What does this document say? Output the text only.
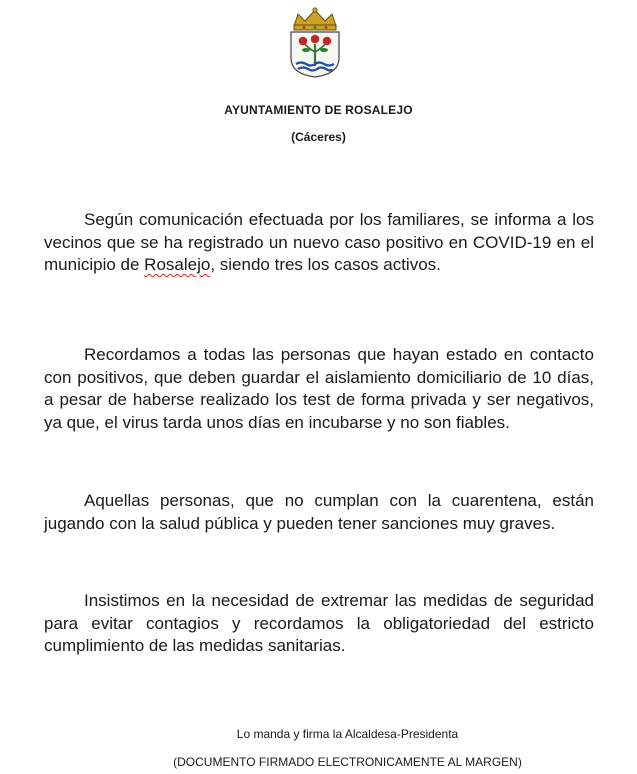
AYUNTAMIENTO DE ROSALEJO
(Cáceres)

Según comunicación efectuada por los familiares, se informa a los vecinos que se ha registrado un nuevo caso positivo en COVID-19 en el municipio de Rosalejo, siendo tres los casos activos.

Recordamos a todas las personas que hayan estado en contacto con positivos, que deben guardar el aislamiento domiciliario de 10 días, a pesar de haberse realizado los test de forma privada y ser negativos, ya que, el virus tarda unos días en incubarse y no son fiables.

Aquellas personas, que no cumplan con la cuarentena, están jugando con la salud pública y pueden tener sanciones muy graves.

Insistimos en la necesidad de extremar las medidas de seguridad para evitar contagios y recordamos la obligatoriedad del estricto cumplimiento de las medidas sanitarias.

Lo manda y firma la Alcaldesa-Presidenta
(DOCUMENTO FIRMADO ELECTRONICAMENTE AL MARGEN)
